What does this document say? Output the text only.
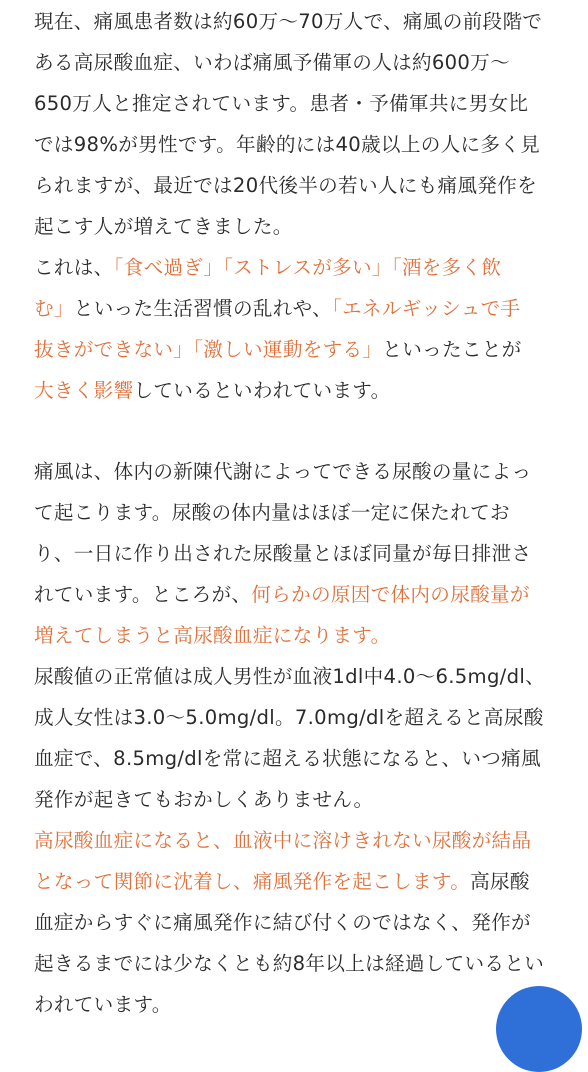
現在、痛風患者数は約60万〜70万人で、痛風の前段階で
ある高尿酸血症、いわば痛風予備軍の人は約600万〜
650万人と推定されています。患者・予備軍共に男女比
では98%が男性です。年齢的には40歳以上の人に多く見
られますが、最近では20代後半の若い人にも痛風発作を
起こす人が増えてきました。
これは、「食べ過ぎ」「ストレスが多い」「酒を多く飲
む」といった生活習慣の乱れや、「エネルギッシュで手
抜きができない」「激しい運動をする」といったことが
大きく影響しているといわれています。
痛風は、体内の新陳代謝によってできる尿酸の量によっ
て起こります。尿酸の体内量はほぼ一定に保たれてお
り、一日に作り出された尿酸量とほぼ同量が毎日排泄さ
れています。ところが、何らかの原因で体内の尿酸量が
増えてしまうと高尿酸血症になります。
尿酸値の正常値は成人男性が血液1dl中4.0〜6.5mg/dl、
成人女性は3.0〜5.0mg/dl。7.0mg/dlを超えると高尿酸
血症で、8.5mg/dlを常に超える状態になると、いつ痛風
発作が起きてもおかしくありません。
高尿酸血症になると、血液中に溶けきれない尿酸が結晶
となって関節に沈着し、痛風発作を起こします。高尿酸
血症からすぐに痛風発作に結び付くのではなく、発作が
起きるまでには少なくとも約8年以上は経過しているとい
われています。
